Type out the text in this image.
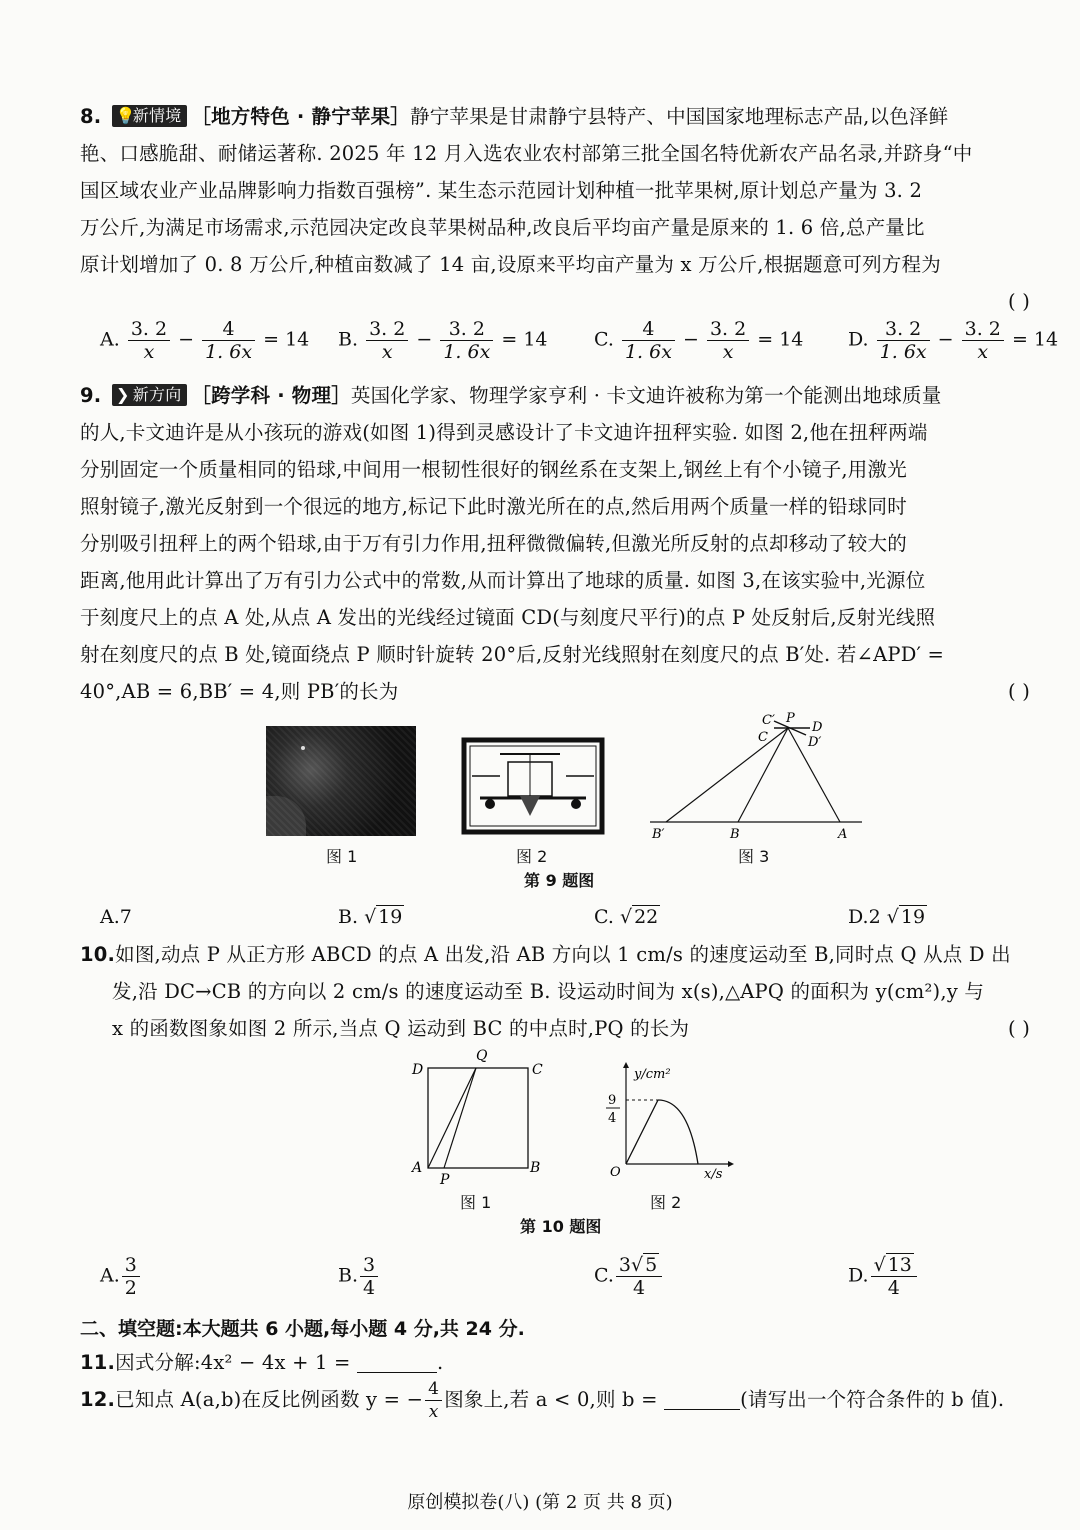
8. 💡新情境 ［地方特色 · 静宁苹果］静宁苹果是甘肃静宁县特产、中国国家地理标志产品,以色泽鲜
艳、口感脆甜、耐储运著称. 2025 年 12 月入选农业农村部第三批全国名特优新农产品名录,并跻身“中
国区域农业产业品牌影响力指数百强榜”. 某生态示范园计划种植一批苹果树,原计划总产量为 3. 2
万公斤,为满足市场需求,示范园决定改良苹果树品种,改良后平均亩产量是原来的 1. 6 倍,总产量比
原计划增加了 0. 8 万公斤,种植亩数减了 14 亩,设原来平均亩产量为 x 万公斤,根据题意可列方程为
( )
A. $\frac{3. 2}{x} - \frac{4}{1. 6x} = 14$ B. $\frac{3. 2}{x} - \frac{3. 2}{1. 6x} = 14$ C. $\frac{4}{1. 6x} - \frac{3. 2}{x} = 14$ D. $\frac{3. 2}{1. 6x} - \frac{3. 2}{x} = 14$
9. ❯ 新方向 ［跨学科 · 物理］英国化学家、物理学家亨利 · 卡文迪许被称为第一个能测出地球质量
的人,卡文迪许是从小孩玩的游戏(如图 1)得到灵感设计了卡文迪许扭秤实验. 如图 2,他在扭秤两端
分别固定一个质量相同的铅球,中间用一根韧性很好的钢丝系在支架上,钢丝上有个小镜子,用激光
照射镜子,激光反射到一个很远的地方,标记下此时激光所在的点,然后用两个质量一样的铅球同时
分别吸引扭秤上的两个铅球,由于万有引力作用,扭秤微微偏转,但激光所反射的点却移动了较大的
距离,他用此计算出了万有引力公式中的常数,从而计算出了地球的质量. 如图 3,在该实验中,光源位
于刻度尺上的点 A 处,从点 A 发出的光线经过镜面 CD(与刻度尺平行)的点 P 处反射后,反射光线照
射在刻度尺的点 B 处,镜面绕点 P 顺时针旋转 20°后,反射光线照射在刻度尺的点 B′处. 若∠APD′ =
40°,AB = 6,BB′ = 4,则 PB′的长为	( )
图 1	图 2
C′
C
P
D
D′
B′	B	A
图 3
第 9 题图
A.7	B. √ 19	C. √ 22	D.2 √ 19
10.如图,动点 P 从正方形 ABCD 的点 A 出发,沿 AB 方向以 1 cm/s 的速度运动至 B,同时点 Q 从点 D 出
发,沿 DC→CB 的方向以 2 cm/s 的速度运动至 B. 设运动时间为 x(s),△APQ 的面积为 y(cm²),y 与
x 的函数图象如图 2 所示,当点 Q 运动到 BC 的中点时,PQ 的长为	( )
D
Q
C
A
P
B
图 1
y/cm²
9
4
O	x/s
图 2
第 10 题图
A. $\frac{3}{2}$	B. $\frac{3}{4}$	C. $\frac{3√ 5}{4}$	D. $\frac{√ 13}{4}$
二、填空题:本大题共 6 小题,每小题 4 分,共 24 分.
11.因式分解:4x² − 4x + 1 =	.
12.已知点 A(a,b)在反比例函数 y = − $\frac{4}{x}$ 图象上,若 a < 0,则 b =	(请写出一个符合条件的 b 值).
原创模拟卷(八) (第 2 页 共 8 页)
